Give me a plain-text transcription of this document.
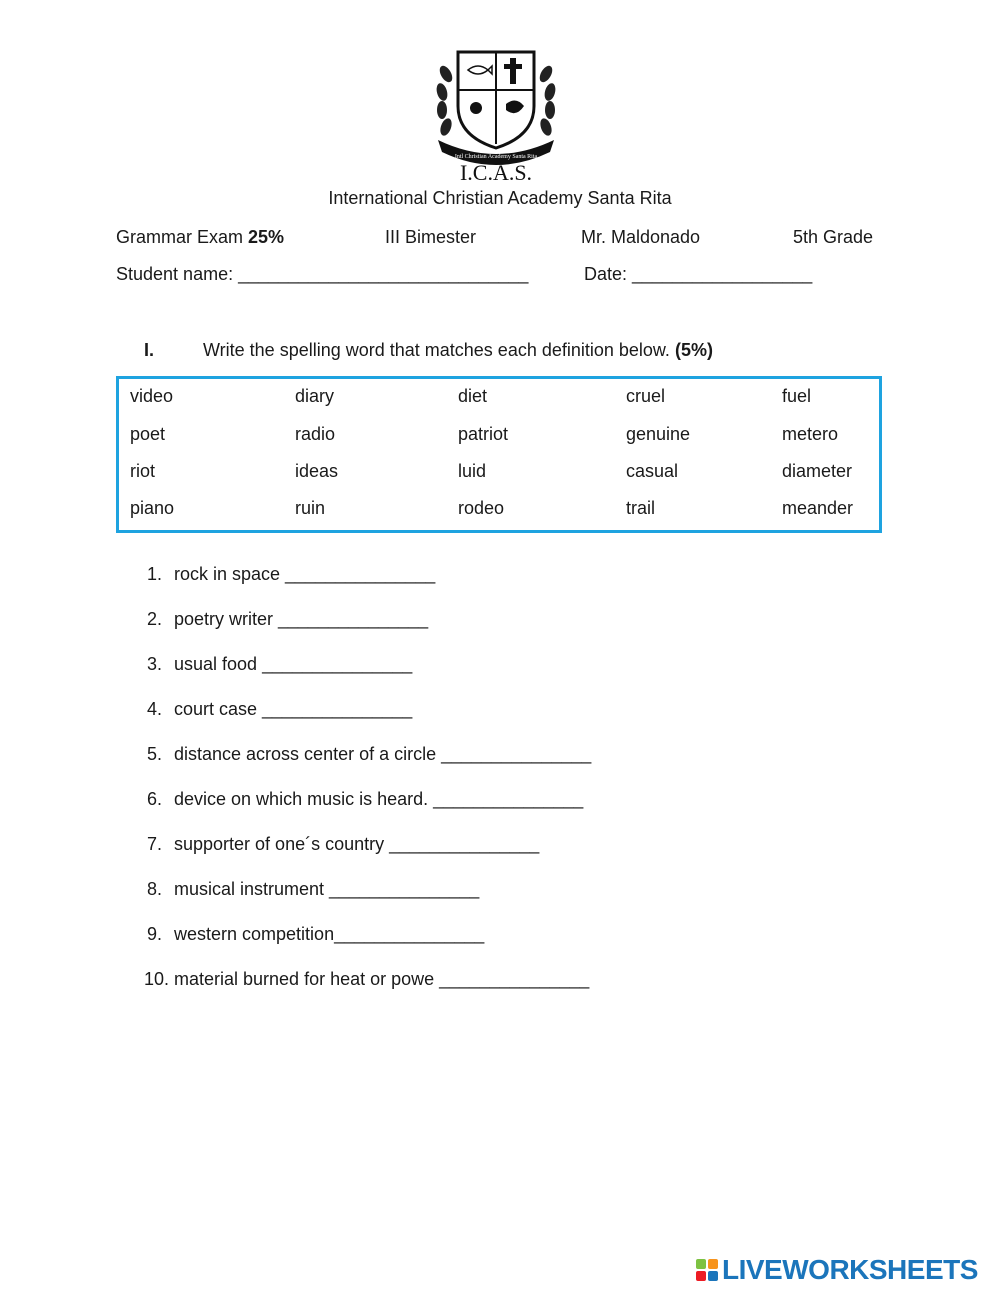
Intl Christian Academy Santa Rita
I.C.A.S.
International Christian Academy Santa Rita
Grammar Exam 25%	III Bimester	Mr. Maldonado	5th Grade
Student name: _____________________________	Date: __________________
I.	Write the spelling word that matches each definition below. (5%)
video	diary	diet	cruel	fuel
poet	radio	patriot	genuine	metero
riot	ideas	luid	casual	diameter
piano	ruin	rodeo	trail	meander
1. rock in space _______________
2. poetry writer _______________
3. usual food _______________
4. court case _______________
5. distance across center of a circle _______________
6. device on which music is heard. _______________
7. supporter of one´s country _______________
8. musical instrument _______________
9. western competition_______________
10. material burned for heat or powe _______________
LIVEWORKSHEETS
